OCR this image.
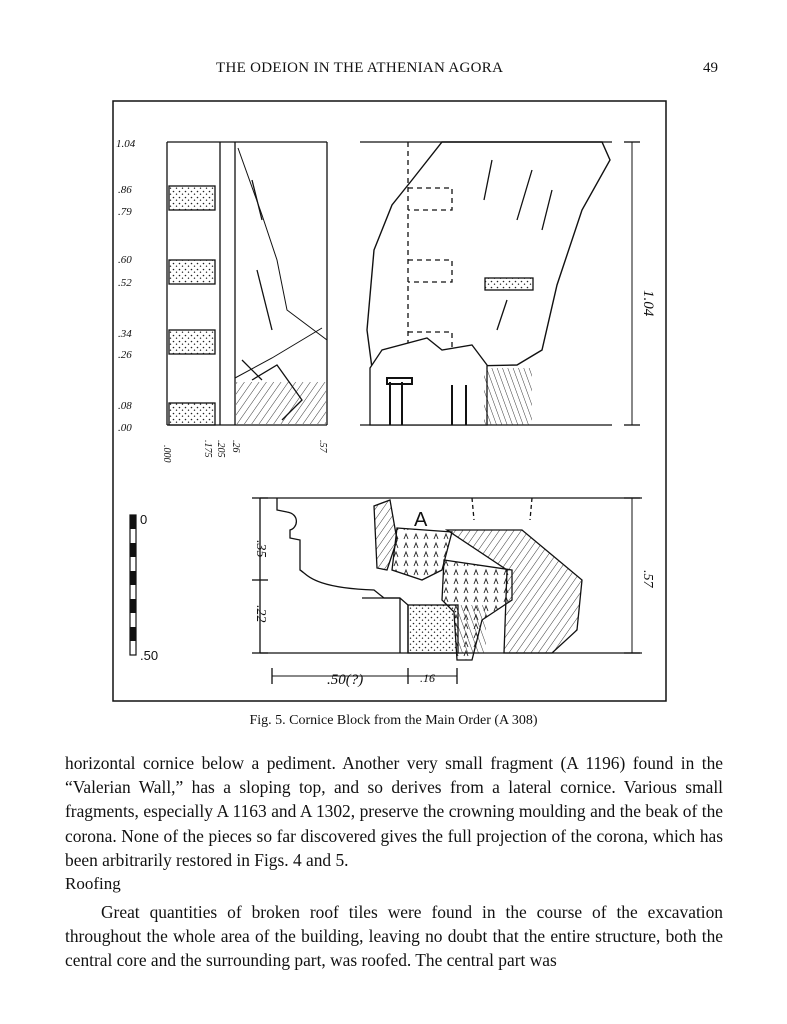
THE ODEION IN THE ATHENIAN AGORA	49
1.04
.86
.79
.60
.52
.34
.26
.08
.00
.000	.175 .205 .26	.57
1.04
0
.50
A
.35
.22
.57
.50(?)	.16
Fig. 5. Cornice Block from the Main Order (A 308)

horizontal cornice below a pediment. Another very small fragment (A 1196) found in the “Valerian Wall,” has a sloping top, and so derives from a lateral cornice. Various small fragments, especially A 1163 and A 1302, preserve the crowning moulding and the beak of the corona. None of the pieces so far discovered gives the full projection of the corona, which has been arbitrarily restored in Figs. 4 and 5.

Roofing

Great quantities of broken roof tiles were found in the course of the excavation throughout the whole area of the building, leaving no doubt that the entire structure, both the central core and the surrounding part, was roofed. The central part was
